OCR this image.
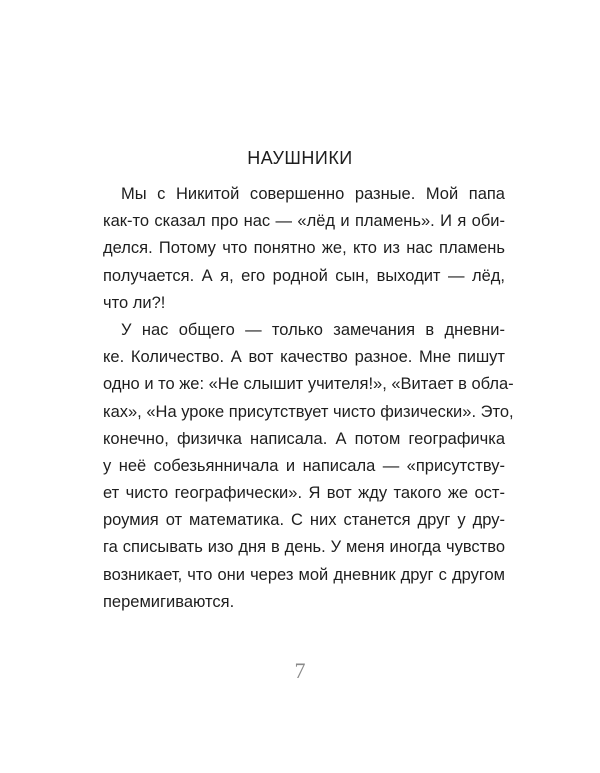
НАУШНИКИ
Мы с Никитой совершенно разные. Мой папа
как-то сказал про нас — «лёд и пламень». И я оби-
делся. Потому что понятно же, кто из нас пламень
получается. А я, его родной сын, выходит — лёд,
что ли?!
У нас общего — только замечания в дневни-
ке. Количество. А вот качество разное. Мне пишут
одно и то же: «Не слышит учителя!», «Витает в обла-
ках», «На уроке присутствует чисто физически». Это,
конечно, физичка написала. А потом географичка
у неё собезьянничала и написала — «присутству-
ет чисто географически». Я вот жду такого же ост-
роумия от математика. С них станется друг у дру-
га списывать изо дня в день. У меня иногда чувство
возникает, что они через мой дневник друг с другом
перемигиваются.
7
